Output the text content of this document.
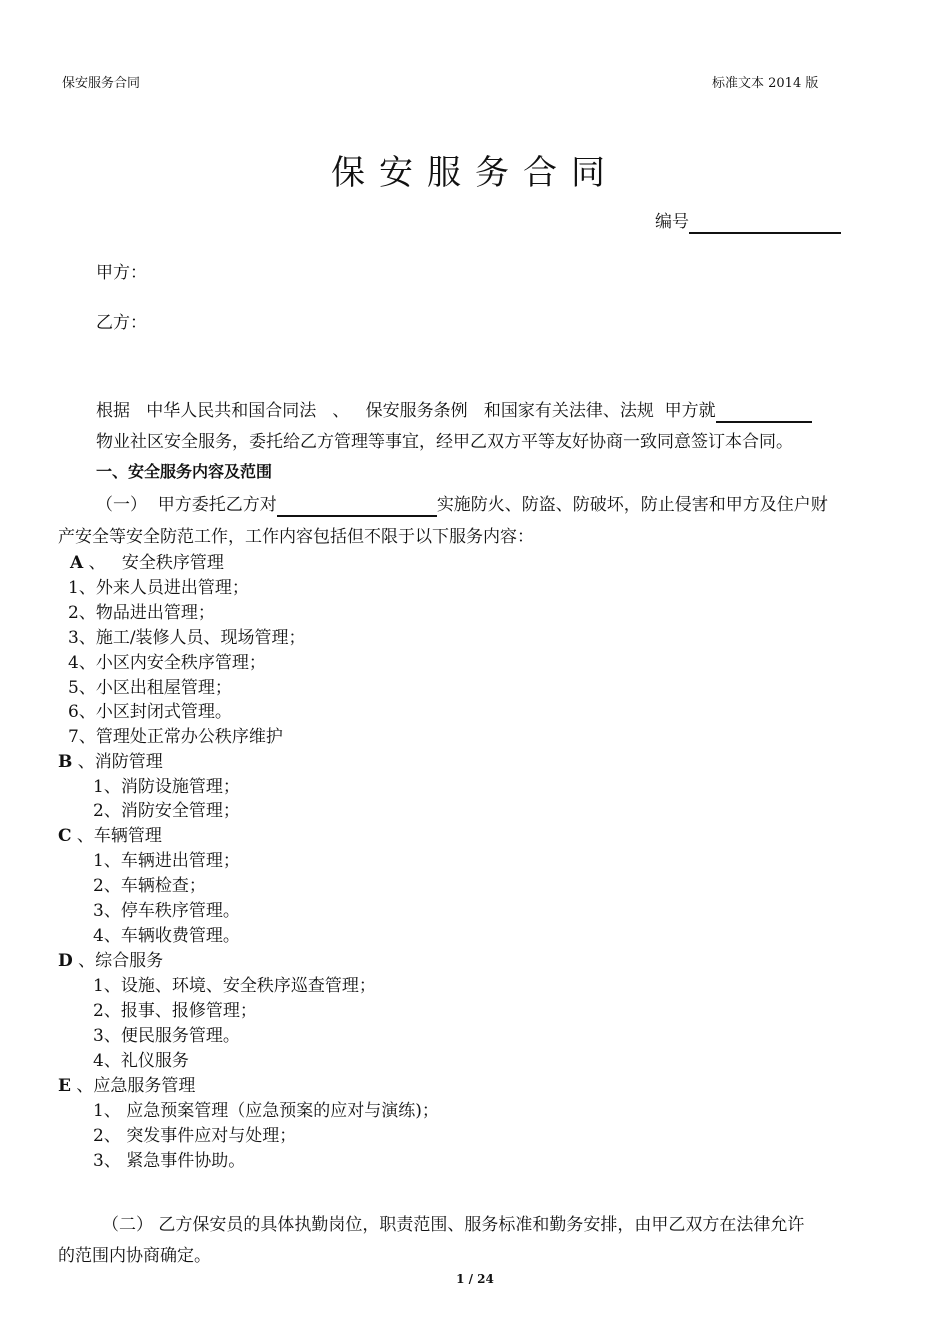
保安服务合同	标准文本 2014 版
保安服务合同
编号
甲方：
乙方：
根据   中华人民共和国合同法   、   保安服务条例   和国家有关法律、法规  甲方就
物业社区安全服务，委托给乙方管理等事宜，经甲乙双方平等友好协商一致同意签订本合同。
一、安全服务内容及范围
（一）  甲方委托乙方对	实施防火、防盗、防破坏，防止侵害和甲方及住户财
产安全等安全防范工作，工作内容包括但不限于以下服务内容：
A 、   安全秩序管理
1、外来人员进出管理；
2、物品进出管理；
3、施工/装修人员、现场管理；
4、小区内安全秩序管理；
5、小区出租屋管理；
6、小区封闭式管理。
7、管理处正常办公秩序维护
B 、消防管理
1、消防设施管理；
2、消防安全管理；
C 、车辆管理
1、车辆进出管理；
2、车辆检查；
3、停车秩序管理。
4、车辆收费管理。
D 、综合服务
1、设施、环境、安全秩序巡查管理；
2、报事、报修管理；
3、便民服务管理。
4、礼仪服务
E 、应急服务管理
1、 应急预案管理（应急预案的应对与演练)；
2、 突发事件应对与处理；
3、 紧急事件协助。
（二） 乙方保安员的具体执勤岗位，职责范围、服务标准和勤务安排，由甲乙双方在法律允许
的范围内协商确定。
1 / 24
